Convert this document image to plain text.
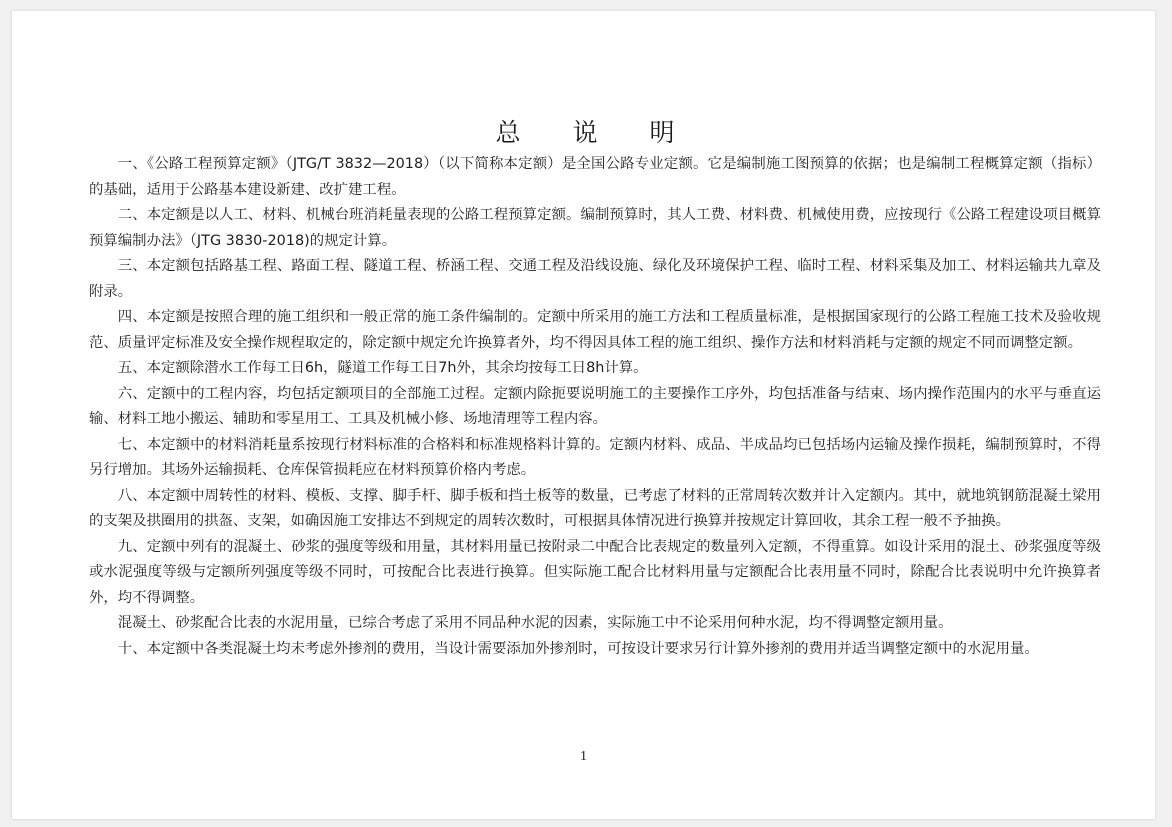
总 说 明

一、《公路工程预算定额》（JTG/T 3832—2018）（以下简称本定额）是全国公路专业定额。它是编制施工图预算的依据；也是编制工程概算定额（指标）的基础，适用于公路基本建设新建、改扩建工程。

二、本定额是以人工、材料、机械台班消耗量表现的公路工程预算定额。编制预算时，其人工费、材料费、机械使用费，应按现行《公路工程建设项目概算预算编制办法》（JTG 3830-2018)的规定计算。

三、本定额包括路基工程、路面工程、隧道工程、桥涵工程、交通工程及沿线设施、绿化及环境保护工程、临时工程、材料采集及加工、材料运输共九章及附录。

四、本定额是按照合理的施工组织和一般正常的施工条件编制的。定额中所采用的施工方法和工程质量标准，是根据国家现行的公路工程施工技术及验收规范、质量评定标准及安全操作规程取定的，除定额中规定允许换算者外，均不得因具体工程的施工组织、操作方法和材料消耗与定额的规定不同而调整定额。

五、本定额除潜水工作每工日6h，隧道工作每工日7h外，其余均按每工日8h计算。

六、定额中的工程内容，均包括定额项目的全部施工过程。定额内除扼要说明施工的主要操作工序外，均包括准备与结束、场内操作范围内的水平与垂直运输、材料工地小搬运、辅助和零星用工、工具及机械小修、场地清理等工程内容。

七、本定额中的材料消耗量系按现行材料标准的合格料和标准规格料计算的。定额内材料、成品、半成品均已包括场内运输及操作损耗，编制预算时，不得另行增加。其场外运输损耗、仓库保管损耗应在材料预算价格内考虑。

八、本定额中周转性的材料、模板、支撑、脚手杆、脚手板和挡土板等的数量，已考虑了材料的正常周转次数并计入定额内。其中，就地筑钢筋混凝土梁用的支架及拱圈用的拱盔、支架，如确因施工安排达不到规定的周转次数时，可根据具体情况进行换算并按规定计算回收，其余工程一般不予抽换。

九、定额中列有的混凝土、砂浆的强度等级和用量，其材料用量已按附录二中配合比表规定的数量列入定额，不得重算。如设计采用的混土、砂浆强度等级或水泥强度等级与定额所列强度等级不同时，可按配合比表进行换算。但实际施工配合比材料用量与定额配合比表用量不同时，除配合比表说明中允许换算者外，均不得调整。

混凝土、砂浆配合比表的水泥用量，已综合考虑了采用不同品种水泥的因素，实际施工中不论采用何种水泥，均不得调整定额用量。

十、本定额中各类混凝土均未考虑外掺剂的费用，当设计需要添加外掺剂时，可按设计要求另行计算外掺剂的费用并适当调整定额中的水泥用量。

1
